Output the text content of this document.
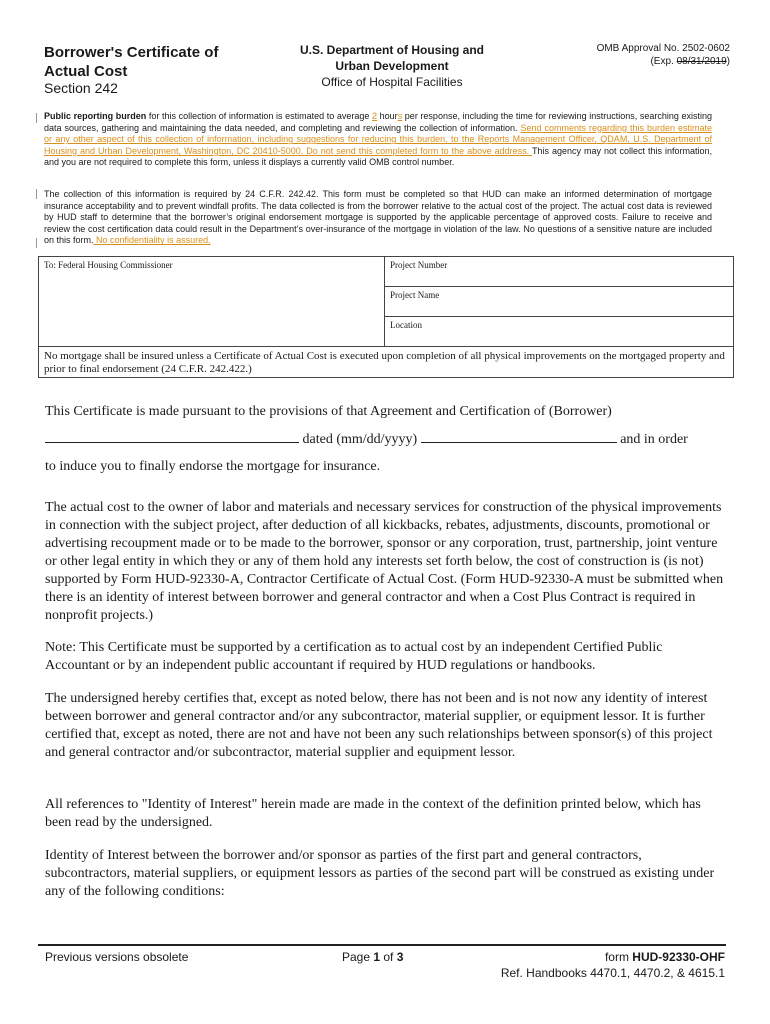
Borrower's Certificate of
Actual Cost
Section 242
U.S. Department of Housing and
Urban Development
Office of Hospital Facilities
OMB Approval No. 2502-0602
(Exp. 08/31/2019)
Public reporting burden for this collection of information is estimated to average 2 hours per response, including the time for reviewing instructions, searching existing data sources, gathering and maintaining the data needed, and completing and reviewing the collection of information. Send comments regarding this burden estimate or any other aspect of this collection of information, including suggestions for reducing this burden, to the Reports Management Officer, QDAM, U.S. Department of Housing and Urban Development, Washington, DC 20410-5000. Do not send this completed form to the above address. This agency may not collect this information, and you are not required to complete this form, unless it displays a currently valid OMB control number.
The collection of this information is required by 24 C.F.R. 242.42. This form must be completed so that HUD can make an informed determination of mortgage insurance acceptability and to prevent windfall profits. The data collected is from the borrower relative to the actual cost of the project. The actual cost data is reviewed by HUD staff to determine that the borrower’s original endorsement mortgage is supported by the applicable percentage of approved costs. Failure to receive and review the cost certification data could result in the Department’s over-insurance of the mortgage in violation of the law. No questions of a sensitive nature are included on this form. No confidentiality is assured.
To: Federal Housing Commissioner	Project Number
Project Name
Location
No mortgage shall be insured unless a Certificate of Actual Cost is executed upon completion of all physical improvements on the mortgaged property and prior to final endorsement (24 C.F.R. 242.422.)
This Certificate is made pursuant to the provisions of that Agreement and Certification of (Borrower)
dated (mm/dd/yyyy)	and in order
to induce you to finally endorse the mortgage for insurance.
The actual cost to the owner of labor and materials and necessary services for construction of the physical improvements in connection with the subject project, after deduction of all kickbacks, rebates, adjustments, discounts, promotional or advertising recoupment made or to be made to the borrower, sponsor or any corporation, trust, partnership, joint venture or other legal entity in which they or any of them hold any interests set forth below, the cost of construction is (is not) supported by Form HUD-92330-A, Contractor Certificate of Actual Cost. (Form HUD-92330-A must be submitted when there is an identity of interest between borrower and general contractor and when a Cost Plus Contract is required in nonprofit projects.)
Note: This Certificate must be supported by a certification as to actual cost by an independent Certified Public Accountant or by an independent public accountant if required by HUD regulations or handbooks.
The undersigned hereby certifies that, except as noted below, there has not been and is not now any identity of interest between borrower and general contractor and/or any subcontractor, material supplier, or equipment lessor. It is further certified that, except as noted, there are not and have not been any such relationships between sponsor(s) of this project and general contractor and/or subcontractor, material supplier and equipment lessor.
All references to "Identity of Interest" herein made are made in the context of the definition printed below, which has been read by the undersigned.
Identity of Interest between the borrower and/or sponsor as parties of the first part and general contractors, subcontractors, material suppliers, or equipment lessors as parties of the second part will be construed as existing under any of the following conditions:
Previous versions obsolete	Page 1 of 3	form HUD-92330-OHF
Ref. Handbooks 4470.1, 4470.2, & 4615.1
